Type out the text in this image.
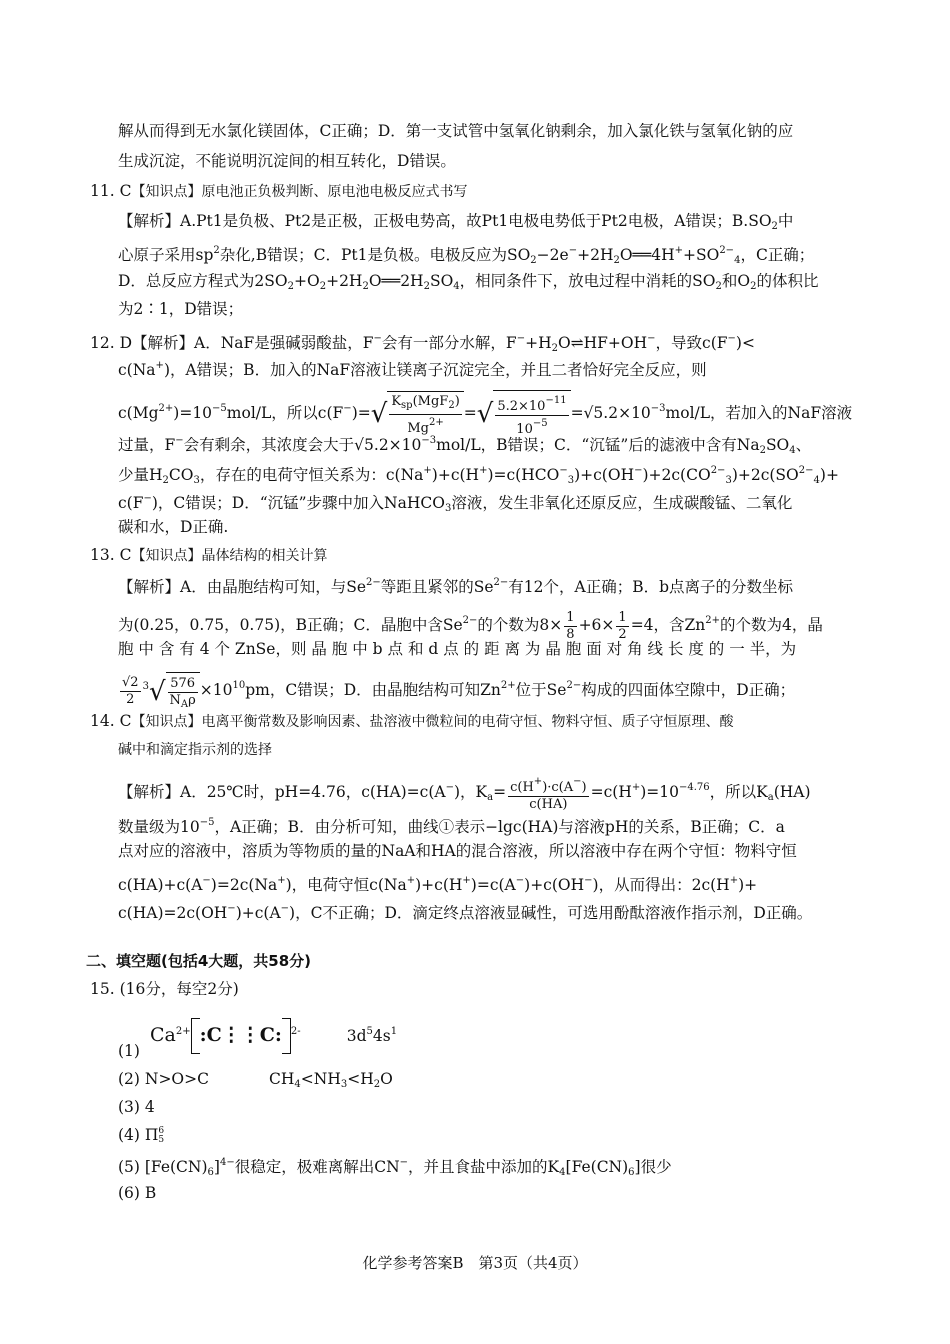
解从而得到无水氯化镁固体，C正确；D．第一支试管中氢氧化钠剩余，加入氯化铁与氢氧化钠的应
生成沉淀，不能说明沉淀间的相互转化，D错误。
11. C【知识点】原电池正负极判断、原电池电极反应式书写
【解析】A.Pt1是负极、Pt2是正极，正极电势高，故Pt1电极电势低于Pt2电极，A错误；$B.SO_2$中
心原子采用$sp^2$杂化,B错误；C．Pt1是负极。电极反应为$SO_2-2e^-+2H_2O══4H^++SO^{2-}_4$，C正确；
D．总反应方程式为$2SO_2+O_2+2H_2O══2H_2SO_4$，相同条件下，放电过程中消耗的$SO_2$和$O_2$的体积比
为2∶1，D错误；
12. D【解析】A．NaF是强碱弱酸盐，F−会有一部分水解，$F^-+H_2O\rightleftharpoons HF+OH^-$，导致c(F−)<
c(Na+)，A错误；B．加入的NaF溶液让镁离子沉淀完全，并且二者恰好完全反应，则
$c(Mg^{2+})=10^{-5}mol/L$，所以$c(F^-)=√ \frac{K_{sp}(MgF_2)}{Mg^{2+}}$ =√ $\frac{5.2\times 10^{-11}}{10^{-5}} =√5.2\times 10^{-3}mol/L$，若加入的NaF溶液
过量，F−会有剩余，其浓度会大于$√5.2\times 10^{-3}mol/L$，B错误；C．“沉锰”后的滤液中含有$Na_2SO_4$、
少量$H_2CO_3$，存在的电荷守恒关系为：$c(Na^+)+c(H^+)=c(HCO^-_3)+c(OH^-)+2c(CO^{2-}_3)+2c(SO^{2-}_4)+$
c(F−)，C错误；D．“沉锰”步骤中加入NaHCO$_3$溶液，发生非氧化还原反应，生成碳酸锰、二氧化
碳和水，D正确.
13. C【知识点】晶体结构的相关计算
【解析】A．由晶胞结构可知，与$Se^{2-}$等距且紧邻的$Se^{2-}$有12个，A正确；B．b点离子的分数坐标
为(0.25，0.75，0.75)，B正确；C．晶胞中含$Se^{2-}$的个数为$8\times \frac{1}{8} +6\times \frac{1}{2} =4$，含$Zn^{2+}$的个数为4，晶
胞 中 含 有 4 个 ZnSe，则 晶 胞 中 b 点 和 d 点 的 距 离 为 晶 胞 面 对 角 线 长 度 的 一 半，为
$\frac{√2}{2} ^3√ \frac{576}{N_A\rho} \times 10^{10}pm$，C错误；D．由晶胞结构可知$Zn^{2+}$位于$Se^{2-}$构成的四面体空隙中，D正确；
14. C【知识点】电离平衡常数及影响因素、盐溶液中微粒间的电荷守恒、物料守恒、质子守恒原理、酸
碱中和滴定指示剂的选择
【解析】A．25℃时，pH=4.76，c(HA)=c(A−)，$K_a= \frac{c(H^+)\cdot c(A^-)}{c(HA)} =c(H^+)=10^{-4.76}$，所以$K_a(HA)$
数量级为$10^{-5}$，A正确；B．由分析可知，曲线①表示−lgc(HA)与溶液pH的关系，B正确；C．a
点对应的溶液中，溶质为等物质的量的NaA和HA的混合溶液，所以溶液中存在两个守恒：物料守恒
c(HA)+c(A−)=2c(Na+)，电荷守恒c(Na+)+c(H+)=c(A−)+c(OH−)，从而得出：2c(H+)+
c(HA)=2c(OH−)+c(A−)，C不正确；D．滴定终点溶液显碱性，可选用酚酞溶液作指示剂，D正确。
二、填空题(包括4大题，共58分)
15. (16分，每空2分)
(1)
$Ca^{2+}$ :C⋮⋮C: $^{2-}$	$3d^54s^1$
(2) N>O>C	$CH_4<NH_3<H_2O$
(3) 4
(4) Π 6
5
(5) $[Fe(CN)_6]^{4-}$很稳定，极难离解出CN−，并且食盐中添加的$K_4[Fe(CN)_6]$很少
(6) B
化学参考答案B　第3页（共4页）
